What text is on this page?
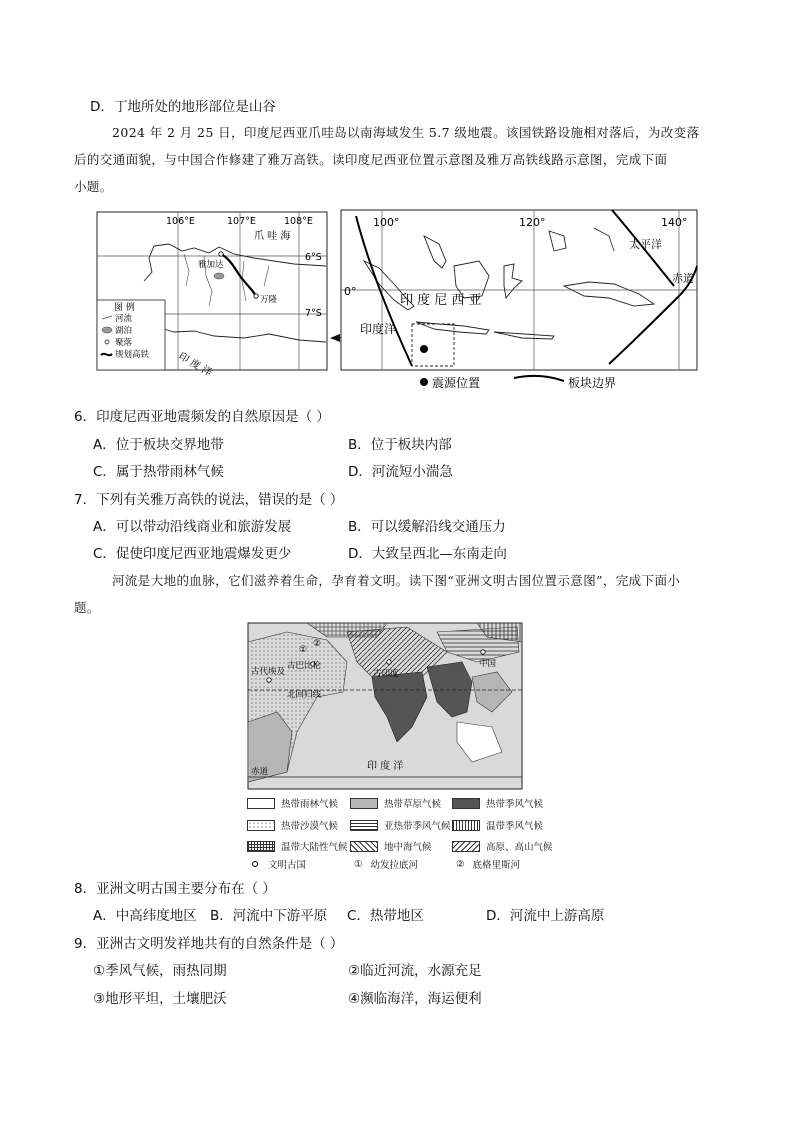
D．丁地所处的地形部位是山谷
2024 年 2 月 25 日，印度尼西亚爪哇岛以南海域发生 5.7 级地震。该国铁路设施相对落后，为改变落
后的交通面貌，与中国合作修建了雅万高铁。读印度尼西亚位置示意图及雅万高铁线路示意图，完成下面
小题。
106°E	107°E	108°E
6°S
7°S
爪 哇 海
雅加达
万隆
印 度 洋
图 例
河流
湖泊
聚落
规划高铁
100°	120°	140°
0°
太平洋
赤道
印 度 尼 西 亚
印度洋
震源位置	板块边界
6．印度尼西亚地震频发的自然原因是（ ）
A．位于板块交界地带	B．位于板块内部
C．属于热带雨林气候	D．河流短小湍急
7．下列有关雅万高铁的说法，错误的是（ ）
A．可以带动沿线商业和旅游发展	B．可以缓解沿线交通压力
C．促使印度尼西亚地震爆发更少	D．大致呈西北—东南走向
河流是大地的血脉，它们滋养着生命，孕育着文明。读下图“亚洲文明古国位置示意图”，完成下面小
题。
古代埃及
古巴比伦
古印度
中国
北回归线
赤道	印 度 洋
①
②
热带雨林气候	热带草原气候	热带季风气候
热带沙漠气候	亚热带季风气候	温带季风气候
温带大陆性气候	地中海气候	高原、高山气候
文明古国	① 幼发拉底河	② 底格里斯河
8．亚洲文明古国主要分布在（ ）
A．中高纬度地区 B．河流中下游平原 C．热带地区	D．河流中上游高原
9．亚洲古文明发祥地共有的自然条件是（ ）
①季风气候，雨热同期	②临近河流，水源充足
③地形平坦，土壤肥沃	④濒临海洋，海运便利
